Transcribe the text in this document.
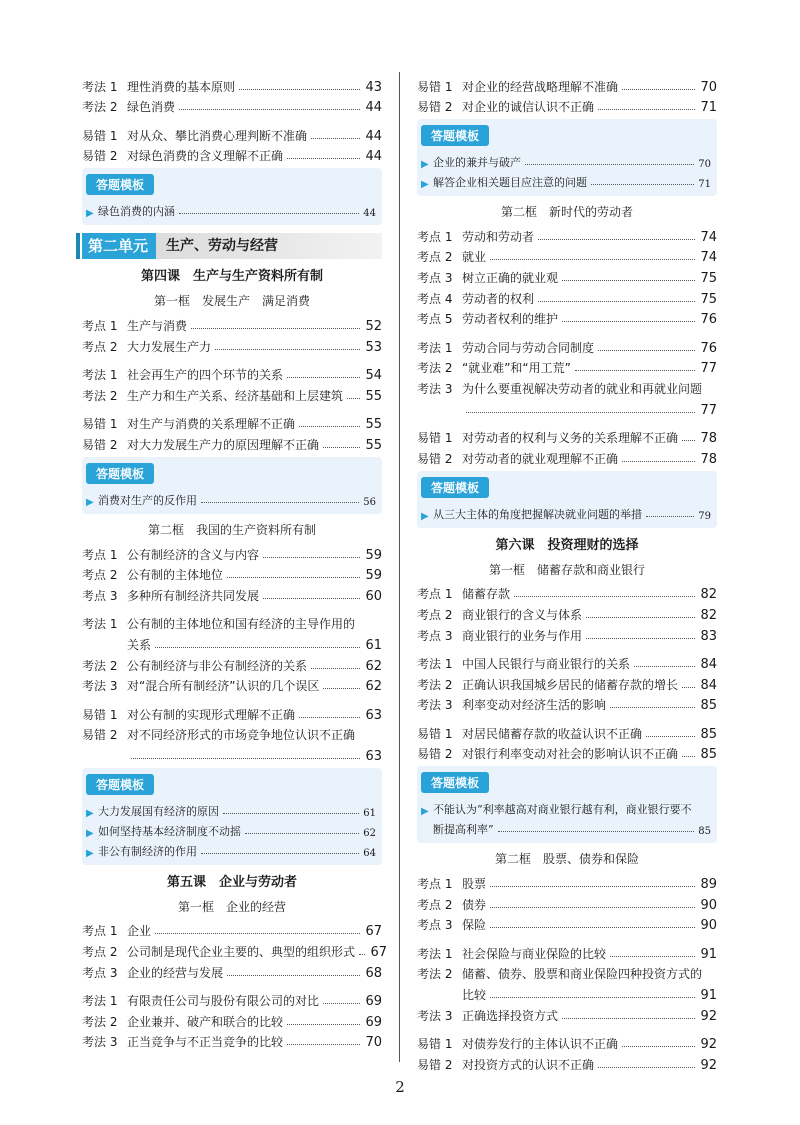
考法 1 理性消费的基本原则	43
考法 2 绿色消费	44
易错 1 对从众、攀比消费心理判断不准确	44
易错 2 对绿色消费的含义理解不正确	44
答题模板
▶ 绿色消费的内涵	44
第二单元	生产、劳动与经营
第四课　生产与生产资料所有制
第一框　发展生产　满足消费
考点 1 生产与消费	52
考点 2 大力发展生产力	53
考法 1 社会再生产的四个环节的关系	54
考法 2 生产力和生产关系、经济基础和上层建筑 55
易错 1 对生产与消费的关系理解不正确	55
易错 2 对大力发展生产力的原因理解不正确	55
答题模板
▶ 消费对生产的反作用	56
第二框　我国的生产资料所有制
考点 1 公有制经济的含义与内容	59
考点 2 公有制的主体地位	59
考点 3 多种所有制经济共同发展	60
考法 1 公有制的主体地位和国有经济的主导作用的
关系	61
考法 2 公有制经济与非公有制经济的关系	62
考法 3 对“混合所有制经济”认识的几个误区	62
易错 1 对公有制的实现形式理解不正确	63
易错 2 对不同经济形式的市场竞争地位认识不正确
63
答题模板
▶ 大力发展国有经济的原因	61
▶ 如何坚持基本经济制度不动摇	62
▶ 非公有制经济的作用	64
第五课　企业与劳动者
第一框　企业的经营
考点 1 企业	67
考点 2 公司制是现代企业主要的、典型的组织形式 67
考点 3 企业的经营与发展	68
考法 1 有限责任公司与股份有限公司的对比	69
考法 2 企业兼并、破产和联合的比较	69
考法 3 正当竞争与不正当竞争的比较	70
易错 1 对企业的经营战略理解不准确	70
易错 2 对企业的诚信认识不正确	71
答题模板
▶ 企业的兼并与破产	70
▶ 解答企业相关题目应注意的问题	71
第二框　新时代的劳动者
考点 1 劳动和劳动者	74
考点 2 就业	74
考点 3 树立正确的就业观	75
考点 4 劳动者的权利	75
考点 5 劳动者权利的维护	76
考法 1 劳动合同与劳动合同制度	76
考法 2 “就业难”和“用工荒”	77
考法 3 为什么要重视解决劳动者的就业和再就业问题
77
易错 1 对劳动者的权利与义务的关系理解不正确 78
易错 2 对劳动者的就业观理解不正确	78
答题模板
▶ 从三大主体的角度把握解决就业问题的举措	79
第六课　投资理财的选择
第一框　储蓄存款和商业银行
考点 1 储蓄存款	82
考点 2 商业银行的含义与体系	82
考点 3 商业银行的业务与作用	83
考法 1 中国人民银行与商业银行的关系	84
考法 2 正确认识我国城乡居民的储蓄存款的增长 84
考法 3 利率变动对经济生活的影响	85
易错 1 对居民储蓄存款的收益认识不正确	85
易错 2 对银行利率变动对社会的影响认识不正确 85
答题模板
▶ 不能认为“利率越高对商业银行越有利，商业银行要不
断提高利率”	85
第二框　股票、债券和保险
考点 1 股票	89
考点 2 债券	90
考点 3 保险	90
考法 1 社会保险与商业保险的比较	91
考法 2 储蓄、债券、股票和商业保险四种投资方式的
比较	91
考法 3 正确选择投资方式	92
易错 1 对债券发行的主体认识不正确	92
易错 2 对投资方式的认识不正确	92
2
